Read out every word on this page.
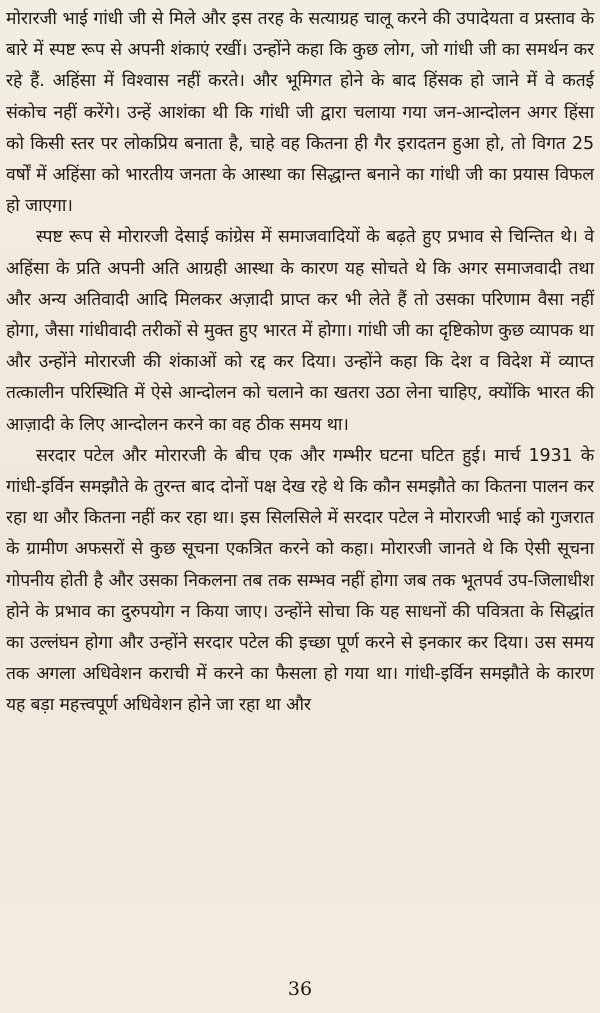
मोरारजी भाई गांधी जी से मिले और इस तरह के सत्याग्रह चालू करने की उपादेयता व प्रस्ताव के बारे में स्पष्ट रूप से अपनी शंकाएं रखीं। उन्होंने कहा कि कुछ लोग, जो गांधी जी का समर्थन कर रहे हैं. अहिंसा में विश्वास नहीं करते। और भूमिगत होने के बाद हिंसक हो जाने में वे कतई संकोच नहीं करेंगे। उन्हें आशंका थी कि गांधी जी द्वारा चलाया गया जन-आन्दोलन अगर हिंसा को किसी स्तर पर लोकप्रिय बनाता है, चाहे वह कितना ही गैर इरादतन हुआ हो, तो विगत 25 वर्षों में अहिंसा को भारतीय जनता के आस्था का सिद्धान्त बनाने का गांधी जी का प्रयास विफल हो जाएगा।

स्पष्ट रूप से मोरारजी देसाई कांग्रेस में समाजवादियों के बढ़ते हुए प्रभाव से चिन्तित थे। वे अहिंसा के प्रति अपनी अति आग्रही आस्था के कारण यह सोचते थे कि अगर समाजवादी तथा और अन्य अतिवादी आदि मिलकर अज़ादी प्राप्त कर भी लेते हैं तो उसका परिणाम वैसा नहीं होगा, जैसा गांधीवादी तरीकों से मुक्त हुए भारत में होगा। गांधी जी का दृष्टिकोण कुछ व्यापक था और उन्होंने मोरारजी की शंकाओं को रद्द कर दिया। उन्होंने कहा कि देश व विदेश में व्याप्त तत्कालीन परिस्थिति में ऐसे आन्दोलन को चलाने का खतरा उठा लेना चाहिए, क्योंकि भारत की आज़ादी के लिए आन्दोलन करने का वह ठीक समय था।

सरदार पटेल और मोरारजी के बीच एक और गम्भीर घटना घटित हुई। मार्च 1931 के गांधी-इर्विन समझौते के तुरन्त बाद दोनों पक्ष देख रहे थे कि कौन समझौते का कितना पालन कर रहा था और कितना नहीं कर रहा था। इस सिलसिले में सरदार पटेल ने मोरारजी भाई को गुजरात के ग्रामीण अफसरों से कुछ सूचना एकत्रित करने को कहा। मोरारजी जानते थे कि ऐसी सूचना गोपनीय होती है और उसका निकलना तब तक सम्भव नहीं होगा जब तक भूतपर्व उप-जिलाधीश होने के प्रभाव का दुरुपयोग न किया जाए। उन्होंने सोचा कि यह साधनों की पवित्रता के सिद्धांत का उल्लंघन होगा और उन्होंने सरदार पटेल की इच्छा पूर्ण करने से इनकार कर दिया। उस समय तक अगला अधिवेशन कराची में करने का फैसला हो गया था। गांधी-इर्विन समझौते के कारण यह बड़ा महत्त्वपूर्ण अधिवेशन होने जा रहा था और

36
